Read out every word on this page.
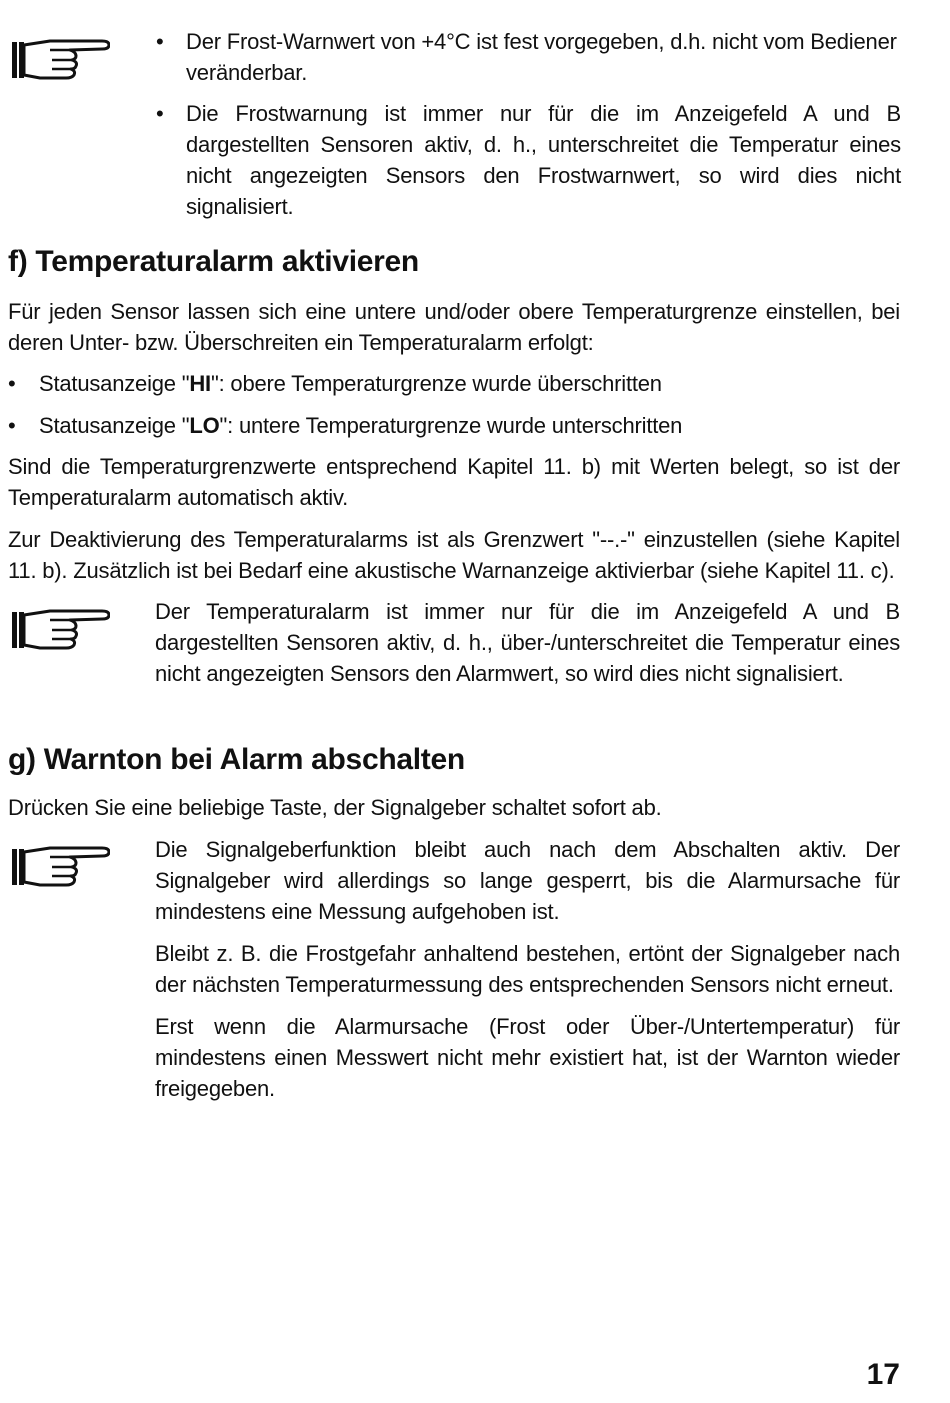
• Der Frost-Warnwert von +4°C ist fest vorgegeben, d.h. nicht vom Bediener veränderbar.
• Die Frostwarnung ist immer nur für die im Anzeigefeld A und B dargestellten Sensoren aktiv, d. h., unterschreitet die Temperatur eines nicht angezeigten Sensors den Frostwarnwert, so wird dies nicht signalisiert.
f) Temperaturalarm aktivieren

Für jeden Sensor lassen sich eine untere und/oder obere Temperaturgrenze einstellen, bei deren Unter- bzw. Überschreiten ein Temperaturalarm erfolgt:

• Statusanzeige "HI": obere Temperaturgrenze wurde überschritten
• Statusanzeige "LO": untere Temperaturgrenze wurde unterschritten

Sind die Temperaturgrenzwerte entsprechend Kapitel 11. b) mit Werten belegt, so ist der Temperaturalarm automatisch aktiv.

Zur Deaktivierung des Temperaturalarms ist als Grenzwert "--.-" einzustellen (siehe Kapitel 11. b). Zusätzlich ist bei Bedarf eine akustische Warnanzeige aktivierbar (siehe Kapitel 11. c).

Der Temperaturalarm ist immer nur für die im Anzeigefeld A und B dargestellten Sensoren aktiv, d. h., über-/unterschreitet die Temperatur eines nicht angezeigten Sensors den Alarmwert, so wird dies nicht signalisiert.

g) Warnton bei Alarm abschalten

Drücken Sie eine beliebige Taste, der Signalgeber schaltet sofort ab.

Die Signalgeberfunktion bleibt auch nach dem Abschalten aktiv. Der Signalgeber wird allerdings so lange gesperrt, bis die Alarmursache für mindestens eine Messung aufgehoben ist.

Bleibt z. B. die Frostgefahr anhaltend bestehen, ertönt der Signalgeber nach der nächsten Temperaturmessung des entsprechenden Sensors nicht erneut.

Erst wenn die Alarmursache (Frost oder Über-/Untertemperatur) für mindestens einen Messwert nicht mehr existiert hat, ist der Warnton wieder freigegeben.

17
